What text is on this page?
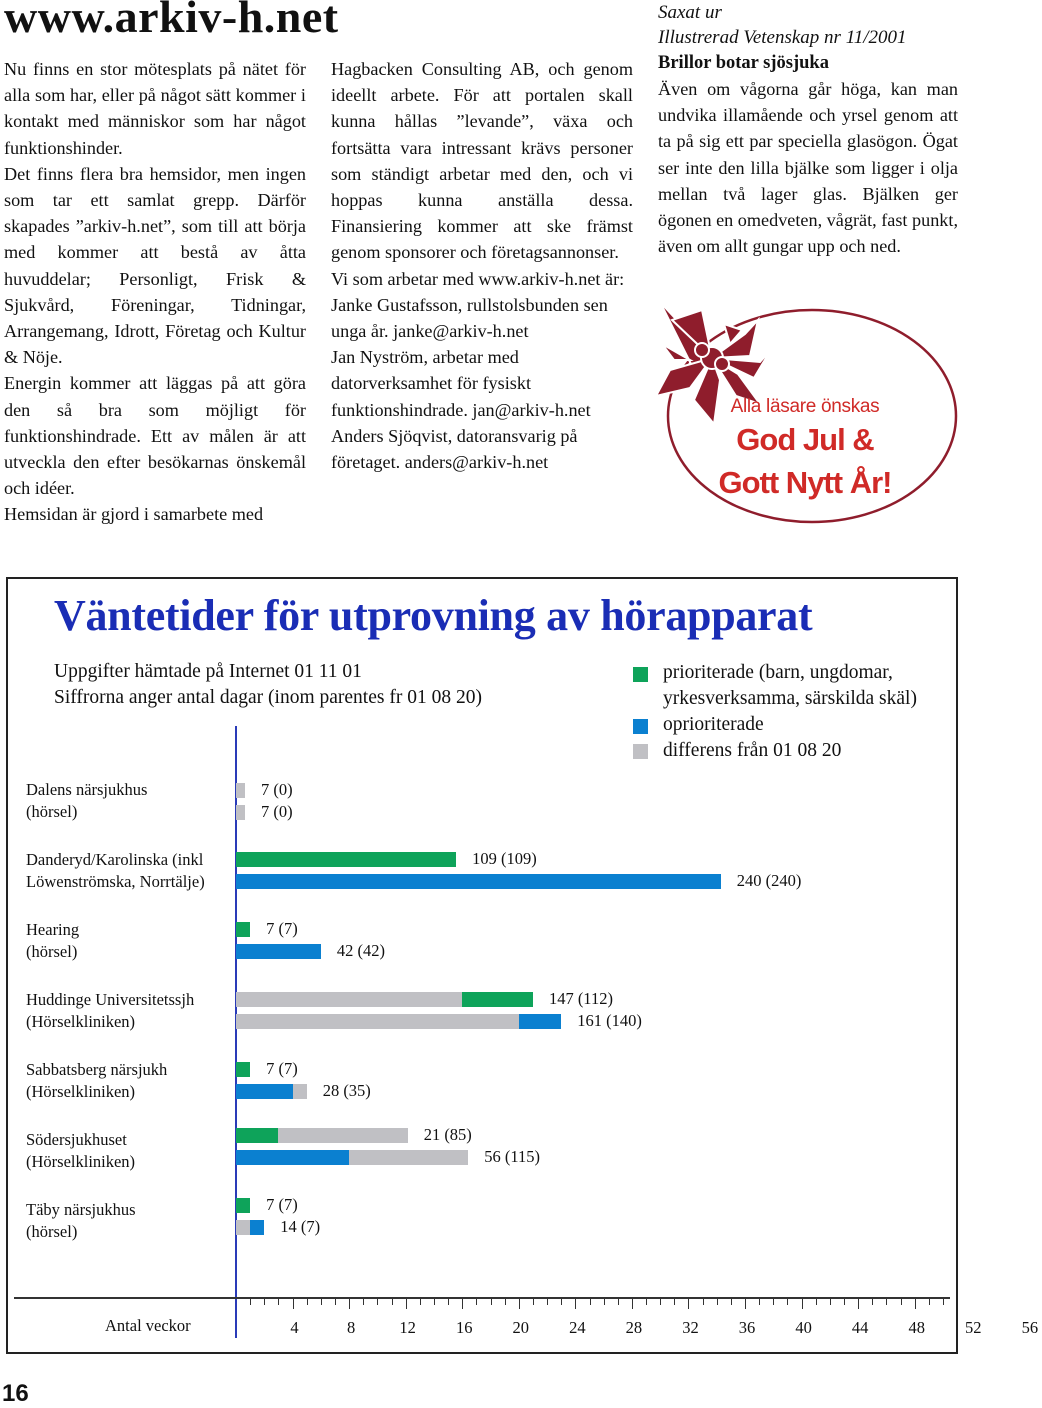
www.arkiv-h.net

Nu finns en stor mötesplats på nätet för alla som har, eller på något sätt kommer i kontakt med människor som har något funktionshinder.

Det finns flera bra hemsidor, men ingen som tar ett samlat grepp. Därför skapades ”arkiv-h.net”, som till att börja med kommer att bestå av åtta huvuddelar; Personligt, Frisk & Sjukvård, Föreningar, Tidningar, Arrangemang, Idrott, Företag och Kultur & Nöje.

Energin kommer att läggas på att göra den så bra som möjligt för funktionshindrade. Ett av målen är att utveckla den efter besökarnas önskemål och idéer.

Hemsidan är gjord i samarbete med

Hagbacken Consulting AB, och genom ideellt arbete. För att portalen skall kunna hållas ”levande”, växa och fortsätta vara intressant krävs personer som ständigt arbetar med den, och vi hoppas kunna anställa dessa. Finansiering kommer att ske främst genom sponsorer och företagsannonser.

Vi som arbetar med www.arkiv-h.net är:

Janke Gustafsson, rullstolsbunden sen unga år. janke@arkiv-h.net

Jan Nyström, arbetar med datorverksamhet för fysiskt funktionshindrade. jan@arkiv-h.net

Anders Sjöqvist, datoransvarig på företaget. anders@arkiv-h.net

Saxat ur

Illustrerad Vetenskap nr 11/2001

Brillor botar sjösjuka

Även om vågorna går höga, kan man undvika illamående och yrsel genom att ta på sig ett par speciella glasögon. Ögat ser inte den lilla bjälke som ligger i olja mellan två lager glas. Bjälken ger ögonen en omedveten, vågrät, fast punkt, även om allt gungar upp och ned.

Alla läsare önskas
God Jul &
Gott Nytt År!
Väntetider för utprovning av hörapparat
Uppgifter hämtade på Internet 01 11 01
Siffrorna anger antal dagar (inom parentes fr 01 08 20)
prioriterade (barn, ungdomar,
yrkesverksamma, särskilda skäl)
oprioriterade
differens från 01 08 20
Dalens närsjukhus
(hörsel)
Danderyd/Karolinska (inkl
Löwenströmska, Norrtälje)
Hearing
(hörsel)
Huddinge Universitetssjh
(Hörselkliniken)
Sabbatsberg närsjukh
(Hörselkliniken)
Södersjukhuset
(Hörselkliniken)
Täby närsjukhus
(hörsel)
Antal veckor
16
7 (0)
7 (0)
109 (109)
240 (240)
7 (7)
42 (42)
147 (112)
161 (140)
7 (7)
28 (35)
21 (85)
56 (115)
7 (7)
14 (7)
4	8	12 16 20 24 28 32 36 40 44 48 52 56
